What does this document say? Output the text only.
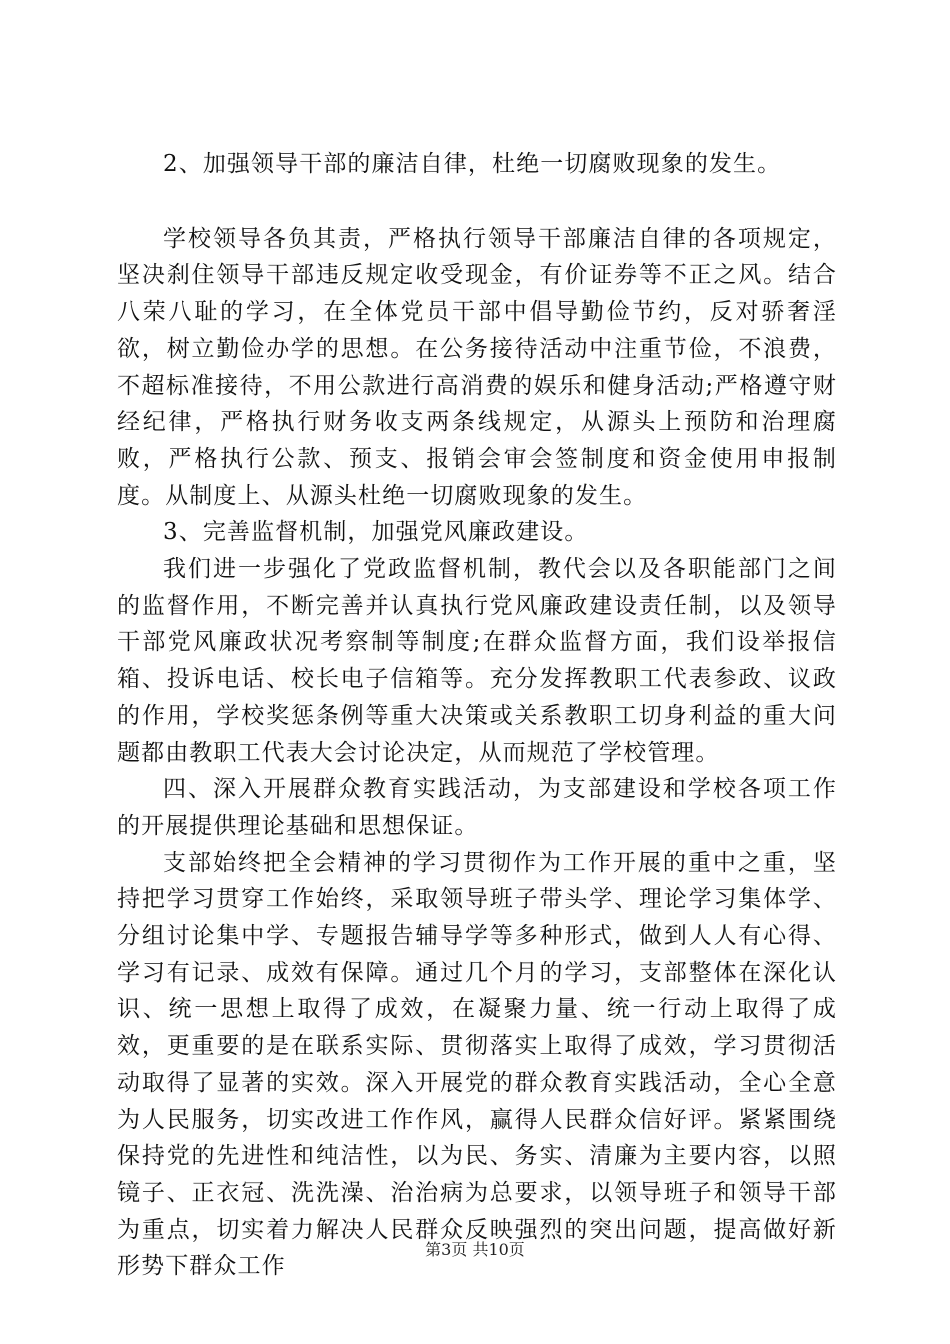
2、加强领导干部的廉洁自律，杜绝一切腐败现象的发生。

学校领导各负其责，严格执行领导干部廉洁自律的各项规定，坚决刹住领导干部违反规定收受现金，有价证券等不正之风。结合八荣八耻的学习，在全体党员干部中倡导勤俭节约，反对骄奢淫欲，树立勤俭办学的思想。在公务接待活动中注重节俭，不浪费，不超标准接待，不用公款进行高消费的娱乐和健身活动;严格遵守财经纪律，严格执行财务收支两条线规定，从源头上预防和治理腐败，严格执行公款、预支、报销会审会签制度和资金使用申报制度。从制度上、从源头杜绝一切腐败现象的发生。

3、完善监督机制，加强党风廉政建设。

我们进一步强化了党政监督机制，教代会以及各职能部门之间的监督作用，不断完善并认真执行党风廉政建设责任制，以及领导干部党风廉政状况考察制等制度;在群众监督方面，我们设举报信箱、投诉电话、校长电子信箱等。充分发挥教职工代表参政、议政的作用，学校奖惩条例等重大决策或关系教职工切身利益的重大问题都由教职工代表大会讨论决定，从而规范了学校管理。

四、深入开展群众教育实践活动，为支部建设和学校各项工作的开展提供理论基础和思想保证。

支部始终把全会精神的学习贯彻作为工作开展的重中之重，坚持把学习贯穿工作始终，采取领导班子带头学、理论学习集体学、分组讨论集中学、专题报告辅导学等多种形式，做到人人有心得、学习有记录、成效有保障。通过几个月的学习，支部整体在深化认识、统一思想上取得了成效，在凝聚力量、统一行动上取得了成效，更重要的是在联系实际、贯彻落实上取得了成效，学习贯彻活动取得了显著的实效。深入开展党的群众教育实践活动，全心全意为人民服务，切实改进工作作风，赢得人民群众信好评。紧紧围绕保持党的先进性和纯洁性，以为民、务实、清廉为主要内容，以照镜子、正衣冠、洗洗澡、治治病为总要求，以领导班子和领导干部为重点，切实着力解决人民群众反映强烈的突出问题，提高做好新形势下群众工作

第3页 共10页
